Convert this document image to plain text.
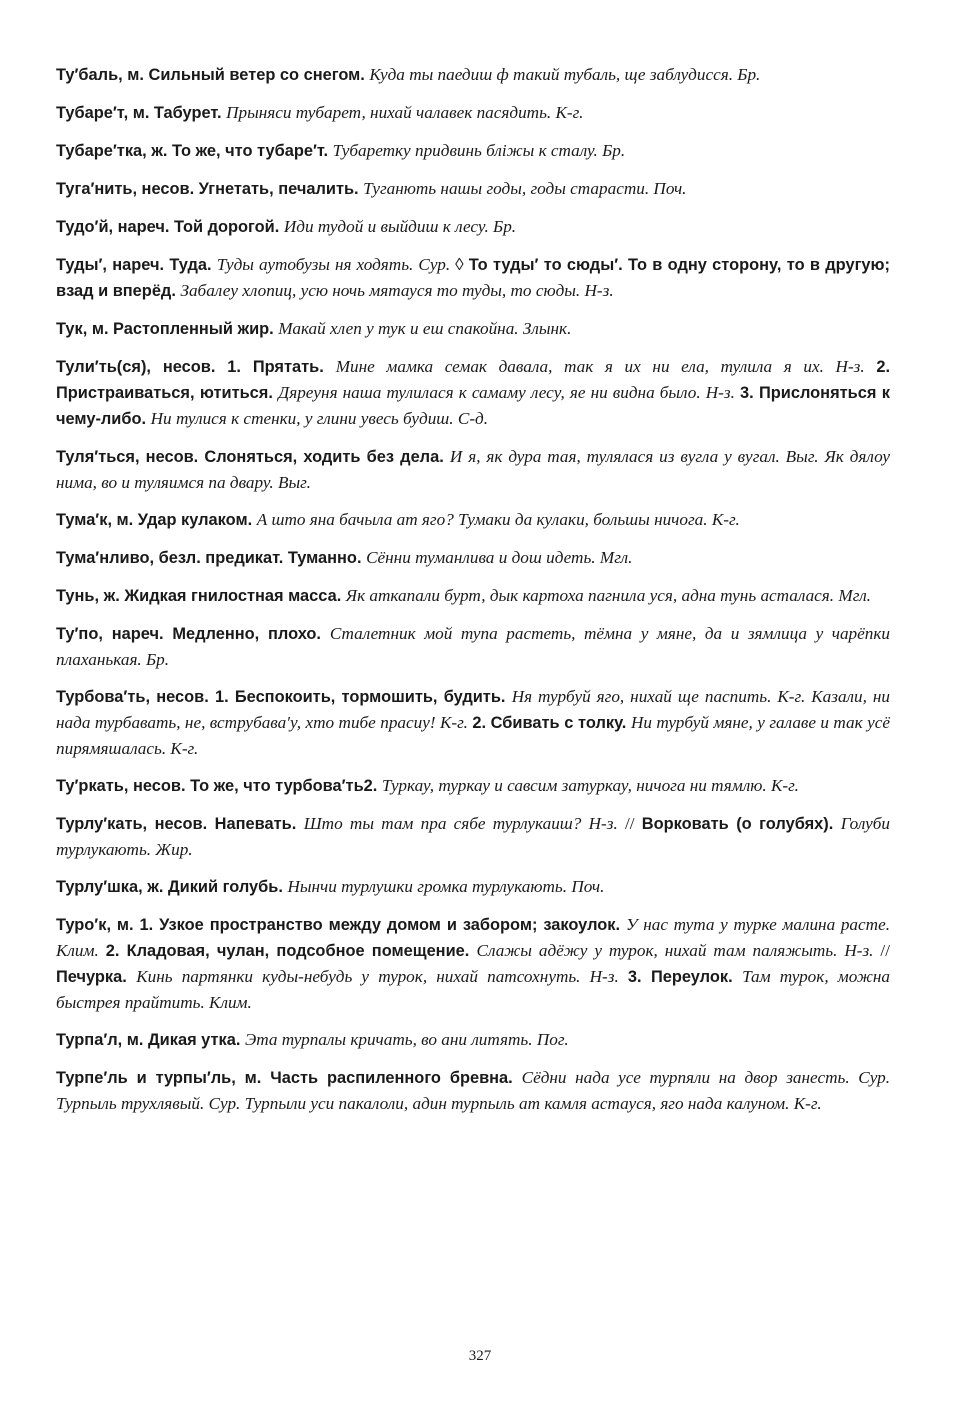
Ту′баль, м. Сильный ветер со снегом. Куда ты паедиш ф такий тубаль, ще заблудисся. Бр.

Тубаре′т, м. Табурет. Прыняси тубарет, нихай чалавек пасядить. К-г.

Тубаре′тка, ж. То же, что тубаре′т. Тубаретку придвинь бліжы к сталу. Бр.

Туга′нить, несов. Угнетать, печалить. Туганють нашы годы, годы старасти. Поч.

Тудо′й, нареч. Той дорогой. Иди тудой и выйдиш к лесу. Бр.

Туды′, нареч. Туда. Туды аутобузы ня ходять. Сур. ◊ То туды′ то сюды′. То в одну сторону, то в другую; взад и вперёд. Забалеу хлопиц, усю ночь мятауся то туды, то сюды. Н-з.

Тук, м. Растопленный жир. Макай хлеп у тук и еш спакойна. Злынк.

Тули′ть(ся), несов. 1. Прятать. Мине мамка семак давала, так я их ни ела, тулила я их. Н-з. 2. Пристраиваться, ютиться. Дяреуня наша тулилася к самаму лесу, яе ни видна было. Н-з. 3. Прислоняться к чему-либо. Ни тулися к стенки, у глини увесь будиш. С-д.

Туля′ться, несов. Слоняться, ходить без дела. И я, як дура тая, тулялася из вугла у вугал. Выг. Як дялоу нима, во и туляимся па двару. Выг.

Тума′к, м. Удар кулаком. А што яна бачыла ат яго? Тумаки да кулаки, большы ничога. К-г.

Тума′нливо, безл. предикат. Туманно. Сённи туманлива и дош идеть. Мгл.

Тунь, ж. Жидкая гнилостная масса. Як аткапали бурт, дык картоха пагнила уся, адна тунь асталася. Мгл.

Ту′по, нареч. Медленно, плохо. Сталетник мой тупа растеть, тёмна у мяне, да и зямлица у чарёпки плаханькая. Бр.

Турбова′ть, несов. 1. Беспокоить, тормошить, будить. Ня турбуй яго, нихай ще паспить. К-г. Казали, ни нада турбавать, не, вструбава′у, хто тибе прасиу! К-г. 2. Сбивать с толку. Ни турбуй мяне, у галаве и так усё пирямяшалась. К-г.

Ту′ркать, несов. То же, что турбова′ть2. Туркау, туркау и савсим затуркау, ничога ни тямлю. К-г.

Турлу′кать, несов. Напевать. Што ты там пра сябе турлукаиш? Н-з. // Ворковать (о голубях). Голуби турлукають. Жир.

Турлу′шка, ж. Дикий голубь. Нынчи турлушки громка турлукають. Поч.

Туро′к, м. 1. Узкое пространство между домом и забором; закоулок. У нас тута у турке малина расте. Клим. 2. Кладовая, чулан, подсобное помещение. Слажы адёжу у турок, нихай там паляжыть. Н-з. // Печурка. Кинь партянки куды-небудь у турок, нихай патсохнуть. Н-з. 3. Переулок. Там турок, можна быстрея прайтить. Клим.

Турпа′л, м. Дикая утка. Эта турпалы кричать, во ани литять. Пог.

Турпе′ль и турпы′ль, м. Часть распиленного бревна. Сёдни нада усе турпяли на двор занесть. Сур. Турпыль трухлявый. Сур. Турпыли уси пакалоли, адин турпыль ат камля астауся, яго нада калуном. К-г.

327
